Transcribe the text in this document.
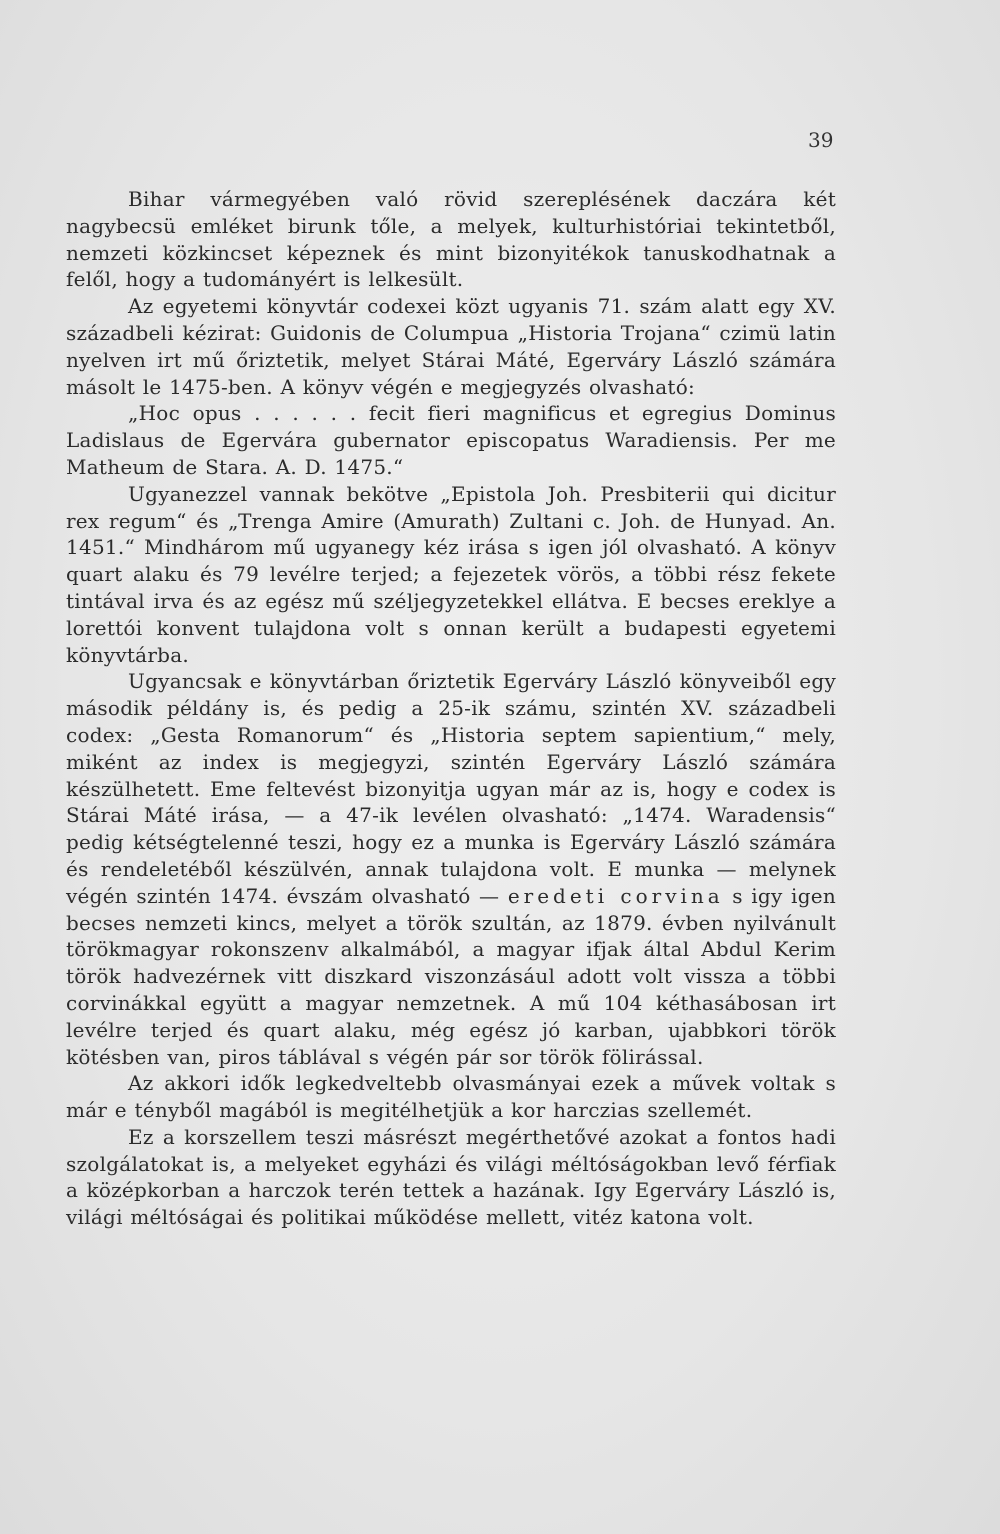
39

Bihar vármegyében való rövid szereplésének daczára két nagybecsü emléket birunk tőle, a melyek, kulturhistóriai tekintetből, nemzeti közkincset képeznek és mint bizonyitékok tanuskodhatnak a felől, hogy a tudományért is lelkesült.

Az egyetemi könyvtár codexei közt ugyanis 71. szám alatt egy XV. századbeli kézirat: Guidonis de Columpua „Historia Trojana“ czimü latin nyelven irt mű őriztetik, melyet Stárai Máté, Egerváry László számára másolt le 1475-ben. A könyv végén e megjegyzés olvasható:

„Hoc opus . . . . . . fecit fieri magnificus et egregius Dominus Ladislaus de Egervára gubernator episcopatus Waradiensis. Per me Matheum de Stara. A. D. 1475.“

Ugyanezzel vannak bekötve „Epistola Joh. Presbiterii qui dicitur rex regum“ és „Trenga Amire (Amurath) Zultani c. Joh. de Hunyad. An. 1451.“ Mindhárom mű ugyanegy kéz irása s igen jól olvasható. A könyv quart alaku és 79 levélre terjed; a fejezetek vörös, a többi rész fekete tintával irva és az egész mű széljegyzetekkel ellátva. E becses ereklye a lorettói konvent tulajdona volt s onnan került a budapesti egyetemi könyvtárba.

Ugyancsak e könyvtárban őriztetik Egerváry László könyveiből egy második példány is, és pedig a 25-ik számu, szintén XV. századbeli codex: „Gesta Romanorum“ és „Historia septem sapientium,“ mely, miként az index is megjegyzi, szintén Egerváry László számára készülhetett. Eme feltevést bizonyitja ugyan már az is, hogy e codex is Stárai Máté irása, — a 47-ik levélen olvasható: „1474. Waradensis“ pedig kétségtelenné teszi, hogy ez a munka is Egerváry László számára és rendeletéből készülvén, annak tulajdona volt. E munka — melynek végén szintén 1474. évszám olvasható — eredeti corvina s igy igen becses nemzeti kincs, melyet a török szultán, az 1879. évben nyilvánult törökmagyar rokonszenv alkalmából, a magyar ifjak által Abdul Kerim török hadvezérnek vitt diszkard viszonzásául adott volt vissza a többi corvinákkal együtt a magyar nemzetnek. A mű 104 kéthasábosan irt levélre terjed és quart alaku, még egész jó karban, ujabbkori török kötésben van, piros táblával s végén pár sor török fölirással.

Az akkori idők legkedveltebb olvasmányai ezek a művek voltak s már e tényből magából is megitélhetjük a kor harczias szellemét.

Ez a korszellem teszi másrészt megérthetővé azokat a fontos hadi szolgálatokat is, a melyeket egyházi és világi méltóságokban levő férfiak a középkorban a harczok terén tettek a hazának. Igy Egerváry László is, világi méltóságai és politikai működése mellett, vitéz katona volt.
